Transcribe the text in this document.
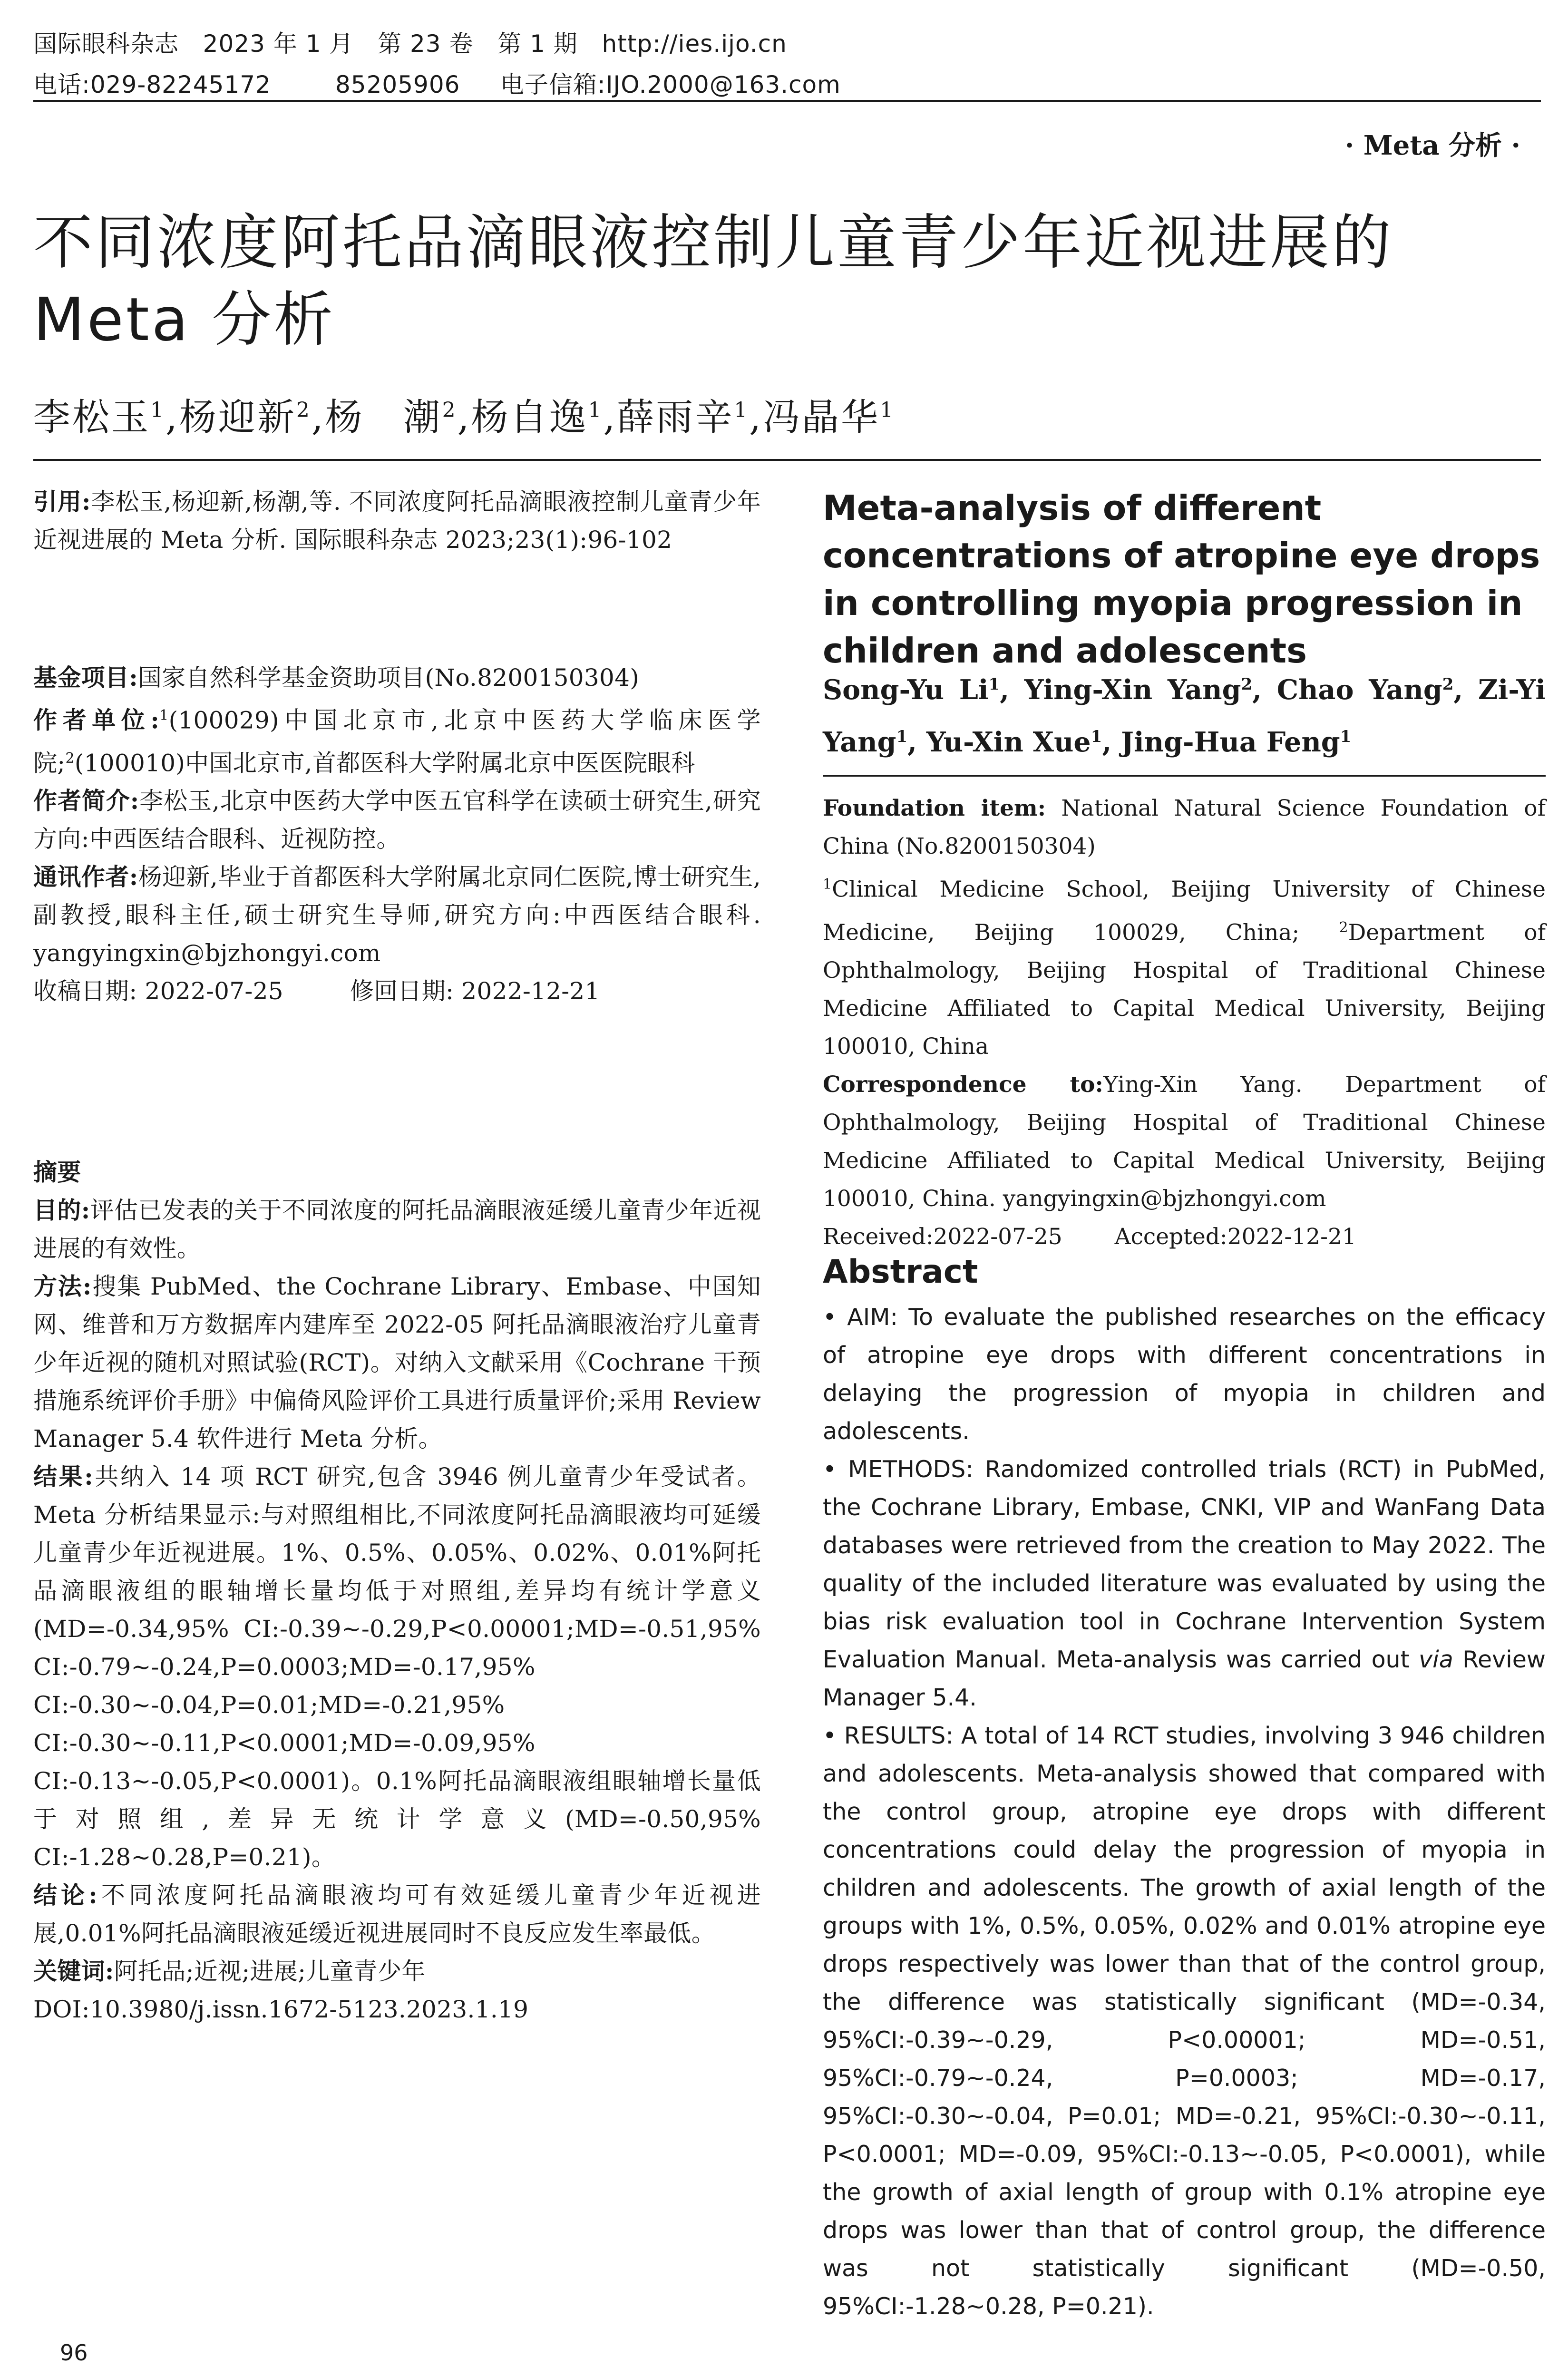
国际眼科杂志   2023 年 1 月   第 23 卷   第 1 期   http://ies.ijo.cn
电话:029-82245172        85205906     电子信箱:IJO.2000@163.com
· Meta 分析 ·
不同浓度阿托品滴眼液控制儿童青少年近视进展的 Meta 分析
李松玉$^1$,杨迎新$^2$,杨　潮$^2$,杨自逸$^1$,薛雨辛$^1$,冯晶华$^1$
引用:李松玉,杨迎新,杨潮,等. 不同浓度阿托品滴眼液控制儿童青少年近视进展的 Meta 分析. 国际眼科杂志 2023;23(1):96-102
基金项目:国家自然科学基金资助项目(No.8200150304)
作者单位:$^1$(100029)中国北京市,北京中医药大学临床医学院;$^2$(100010)中国北京市,首都医科大学附属北京中医医院眼科
作者简介:李松玉,北京中医药大学中医五官科学在读硕士研究生,研究方向:中西医结合眼科、近视防控。
通讯作者:杨迎新,毕业于首都医科大学附属北京同仁医院,博士研究生,副教授,眼科主任,硕士研究生导师,研究方向:中西医结合眼科. yangyingxin@bjzhongyi.com
收稿日期: 2022-07-25	修回日期: 2022-12-21
摘要
目的:评估已发表的关于不同浓度的阿托品滴眼液延缓儿童青少年近视进展的有效性。
方法:搜集 PubMed、the Cochrane Library、Embase、中国知网、维普和万方数据库内建库至 2022-05 阿托品滴眼液治疗儿童青少年近视的随机对照试验(RCT)。对纳入文献采用《Cochrane 干预措施系统评价手册》中偏倚风险评价工具进行质量评价;采用 Review Manager 5.4 软件进行 Meta 分析。
结果:共纳入 14 项 RCT 研究,包含 3946 例儿童青少年受试者。Meta 分析结果显示:与对照组相比,不同浓度阿托品滴眼液均可延缓儿童青少年近视进展。1%、0.5%、0.05%、0.02%、0.01%阿托品滴眼液组的眼轴增长量均低于对照组,差异均有统计学意义(MD=-0.34,95% CI:-0.39~-0.29,P<0.00001;MD=-0.51,95% CI:-0.79~-0.24,P=0.0003;MD=-0.17,95% CI:-0.30~-0.04,P=0.01;MD=-0.21,95% CI:-0.30~-0.11,P<0.0001;MD=-0.09,95% CI:-0.13~-0.05,P<0.0001)。0.1%阿托品滴眼液组眼轴增长量低于对照组,差异无统计学意义(MD=-0.50,95% CI:-1.28~0.28,P=0.21)。
结论:不同浓度阿托品滴眼液均可有效延缓儿童青少年近视进展,0.01%阿托品滴眼液延缓近视进展同时不良反应发生率最低。
关键词:阿托品;近视;进展;儿童青少年
DOI:10.3980/j.issn.1672-5123.2023.1.19
Meta-analysis of different concentrations of atropine eye drops in controlling myopia progression in children and adolescents
Song-Yu Li$^1$, Ying-Xin Yang$^2$, Chao Yang$^2$, Zi-Yi Yang$^1$, Yu-Xin Xue$^1$, Jing-Hua Feng$^1$
Foundation item: National Natural Science Foundation of China (No.8200150304)
$^1$Clinical Medicine School, Beijing University of Chinese Medicine, Beijing 100029, China;	$^2$Department of Ophthalmology, Beijing Hospital of Traditional Chinese Medicine Affiliated to Capital Medical University, Beijing 100010, China
Correspondence to:Ying-Xin Yang. Department of Ophthalmology, Beijing Hospital of Traditional Chinese Medicine Affiliated to Capital Medical University, Beijing 100010, China. yangyingxin@bjzhongyi.com
Received:2022-07-25 Accepted:2022-12-21
Abstract

• AIM: To evaluate the published researches on the efficacy of atropine eye drops with different concentrations in delaying the progression of myopia in children and adolescents.

• METHODS: Randomized controlled trials (RCT) in PubMed, the Cochrane Library, Embase, CNKI, VIP and WanFang Data databases were retrieved from the creation to May 2022. The quality of the included literature was evaluated by using the bias risk evaluation tool in Cochrane Intervention System Evaluation Manual. Meta-analysis was carried out via Review Manager 5.4.

• RESULTS: A total of 14 RCT studies, involving 3 946 children and adolescents. Meta-analysis showed that compared with the control group, atropine eye drops with different concentrations could delay the progression of myopia in children and adolescents. The growth of axial length of the groups with 1%, 0.5%, 0.05%, 0.02% and 0.01% atropine eye drops respectively was lower than that of the control group, the difference was statistically significant (MD=-0.34, 95%CI:-0.39~-0.29, P<0.00001; MD=-0.51, 95%CI:-0.79~-0.24, P=0.0003; MD=-0.17, 95%CI:-0.30~-0.04, P=0.01; MD=-0.21, 95%CI:-0.30~-0.11, P<0.0001; MD=-0.09, 95%CI:-0.13~-0.05, P<0.0001), while the growth of axial length of group with 0.1% atropine eye drops was lower than that of control group, the difference was not statistically significant (MD=-0.50, 95%CI:-1.28~0.28, P=0.21).

96
